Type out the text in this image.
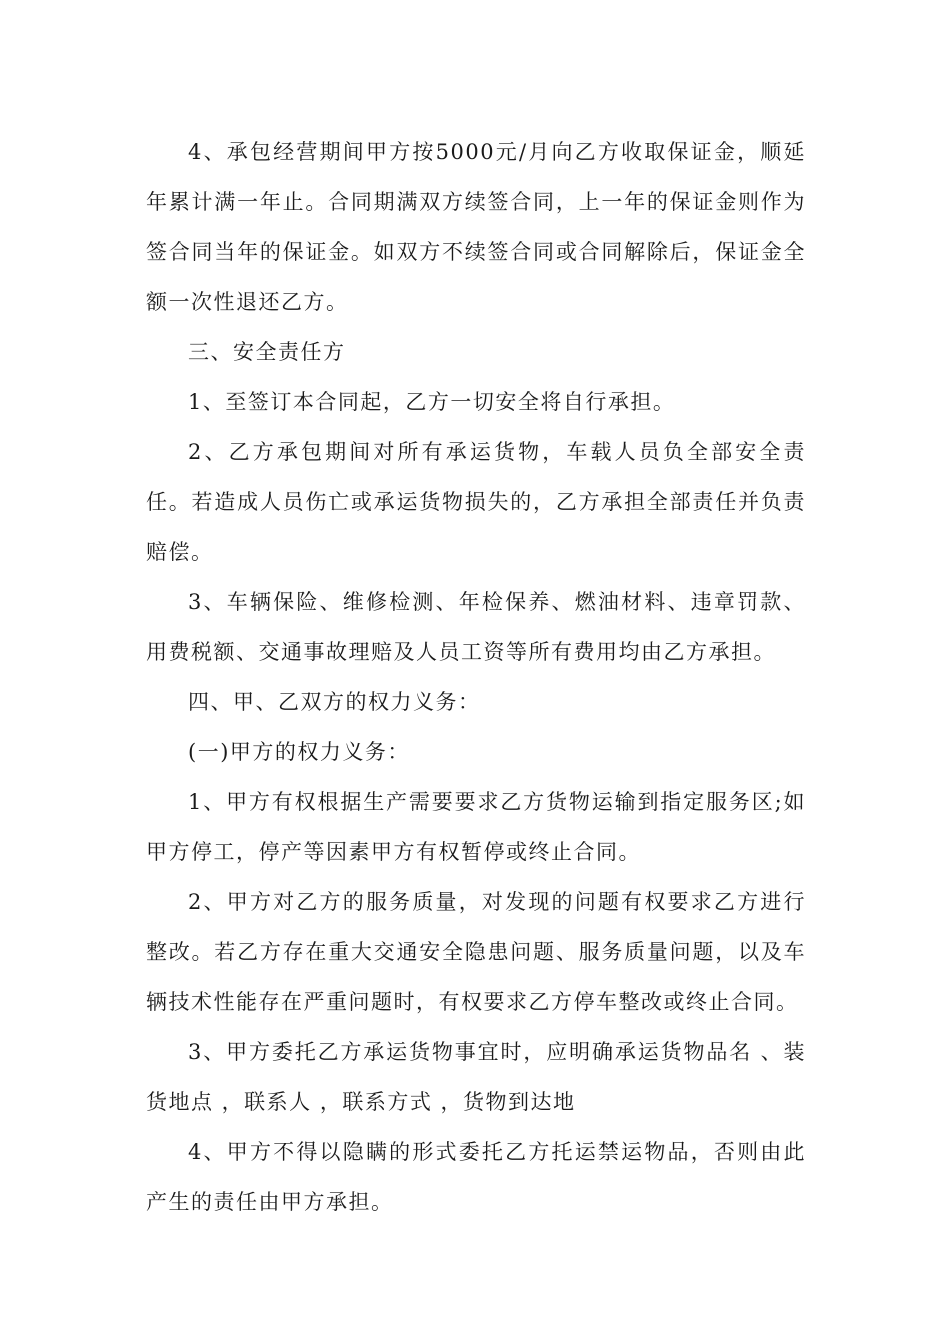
4、承包经营期间甲方按5000元/月向乙方收取保证金，顺延年累计满一年止。合同期满双方续签合同，上一年的保证金则作为签合同当年的保证金。如双方不续签合同或合同解除后，保证金全额一次性退还乙方。

三、安全责任方

1、至签订本合同起，乙方一切安全将自行承担。

2、乙方承包期间对所有承运货物，车载人员负全部安全责任。若造成人员伤亡或承运货物损失的，乙方承担全部责任并负责赔偿。

3、车辆保险、维修检测、年检保养、燃油材料、违章罚款、用费税额、交通事故理赔及人员工资等所有费用均由乙方承担。

四、甲、乙双方的权力义务：

(一)甲方的权力义务：

1、甲方有权根据生产需要要求乙方货物运输到指定服务区;如甲方停工，停产等因素甲方有权暂停或终止合同。

2、甲方对乙方的服务质量，对发现的问题有权要求乙方进行整改。若乙方存在重大交通安全隐患问题、服务质量问题，以及车辆技术性能存在严重问题时，有权要求乙方停车整改或终止合同。

3、甲方委托乙方承运货物事宜时，应明确承运货物品名 、装货地点 ，联系人 ，联系方式 ，货物到达地

4、甲方不得以隐瞒的形式委托乙方托运禁运物品，否则由此产生的责任由甲方承担。
